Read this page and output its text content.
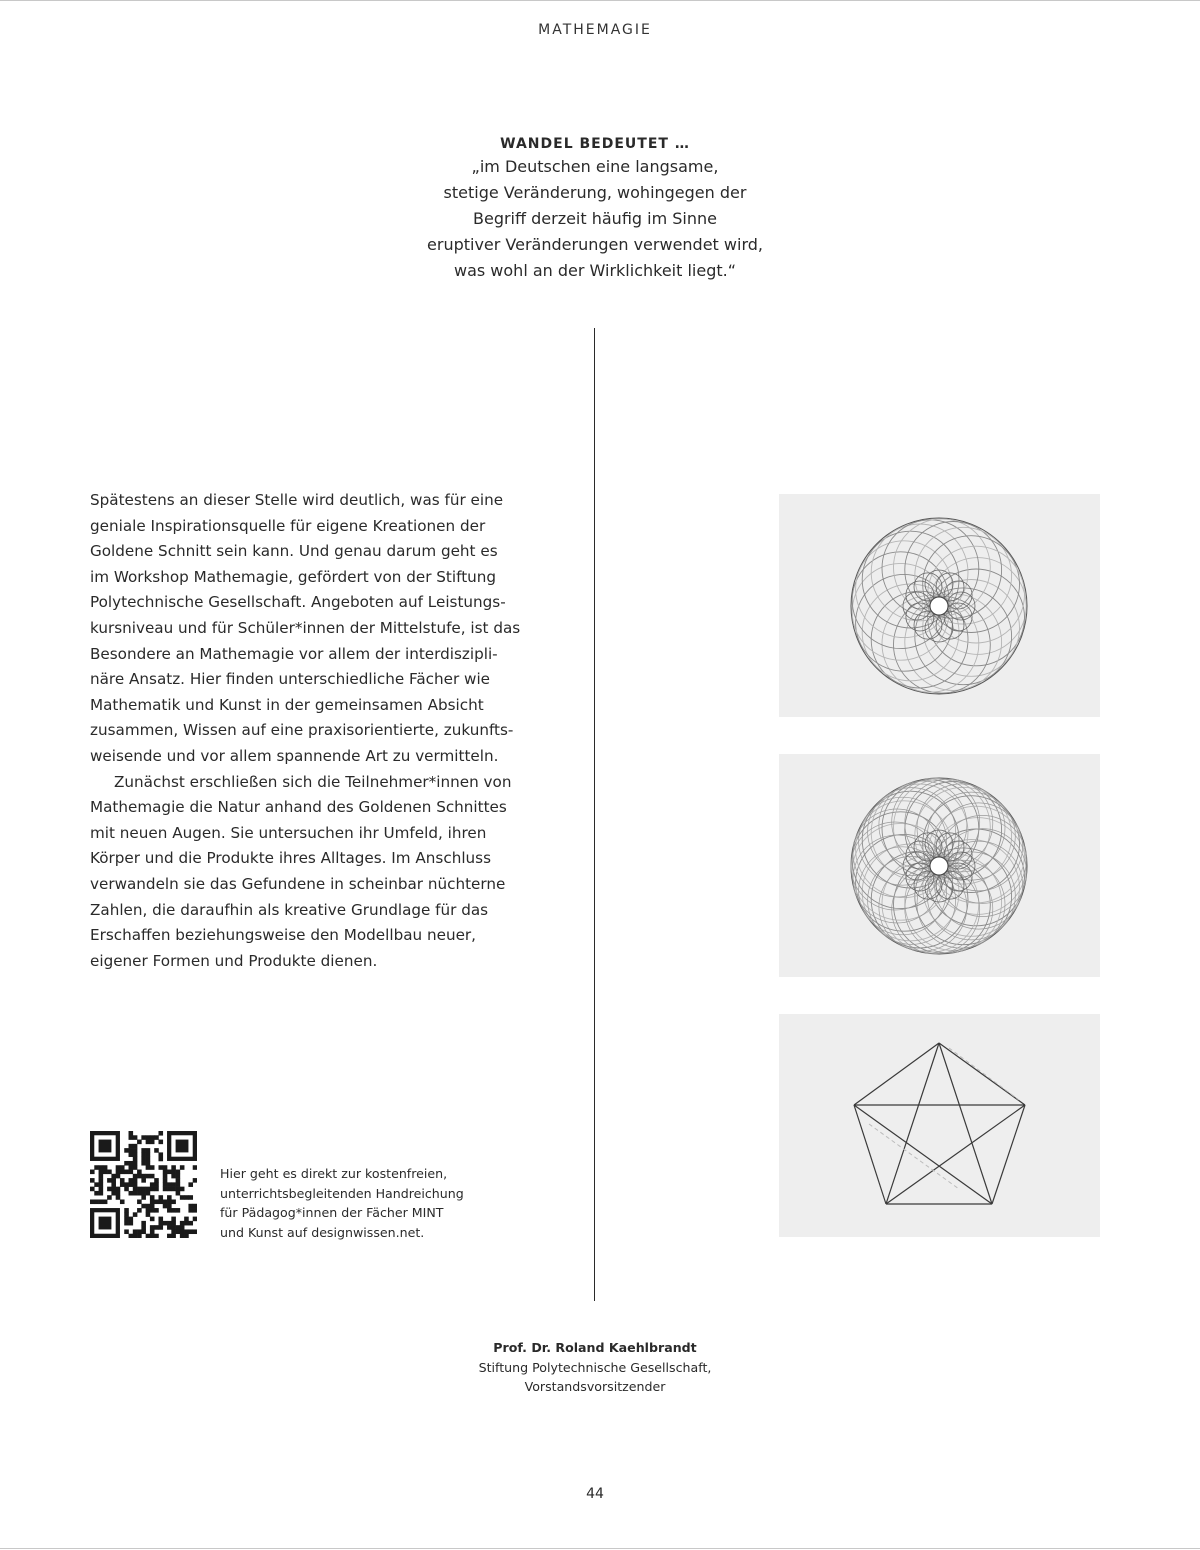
MATHEMAGIE
WANDEL BEDEUTET …
„im Deutschen eine langsame,
stetige Veränderung, wohingegen der
Begriff derzeit häufig im Sinne
eruptiver Veränderungen verwendet wird,
was wohl an der Wirklichkeit liegt.“

Spätestens an dieser Stelle wird deutlich, was für eine

geniale Inspirationsquelle für eigene Kreationen der

Goldene Schnitt sein kann. Und genau darum geht es

im Workshop Mathemagie, gefördert von der Stiftung

Polytechnische Gesellschaft. Angeboten auf Leistungs-

kursniveau und für Schüler*innen der Mittelstufe, ist das

Besondere an Mathemagie vor allem der interdiszipli-

näre Ansatz. Hier finden unterschiedliche Fächer wie

Mathematik und Kunst in der gemeinsamen Absicht

zusammen, Wissen auf eine praxisorientierte, zukunfts-

weisende und vor allem spannende Art zu vermitteln.

Zunächst erschließen sich die Teilnehmer*innen von

Mathemagie die Natur anhand des Goldenen Schnittes

mit neuen Augen. Sie untersuchen ihr Umfeld, ihren

Körper und die Produkte ihres Alltages. Im Anschluss

verwandeln sie das Gefundene in scheinbar nüchterne

Zahlen, die daraufhin als kreative Grundlage für das

Erschaffen beziehungsweise den Modellbau neuer,

eigener Formen und Produkte dienen.

Hier geht es direkt zur kostenfreien,
unterrichtsbegleitenden Handreichung
für Pädagog*innen der Fächer MINT
und Kunst auf designwissen.net.
Prof. Dr. Roland Kaehlbrandt
Stiftung Polytechnische Gesellschaft,
Vorstandsvorsitzender
44
